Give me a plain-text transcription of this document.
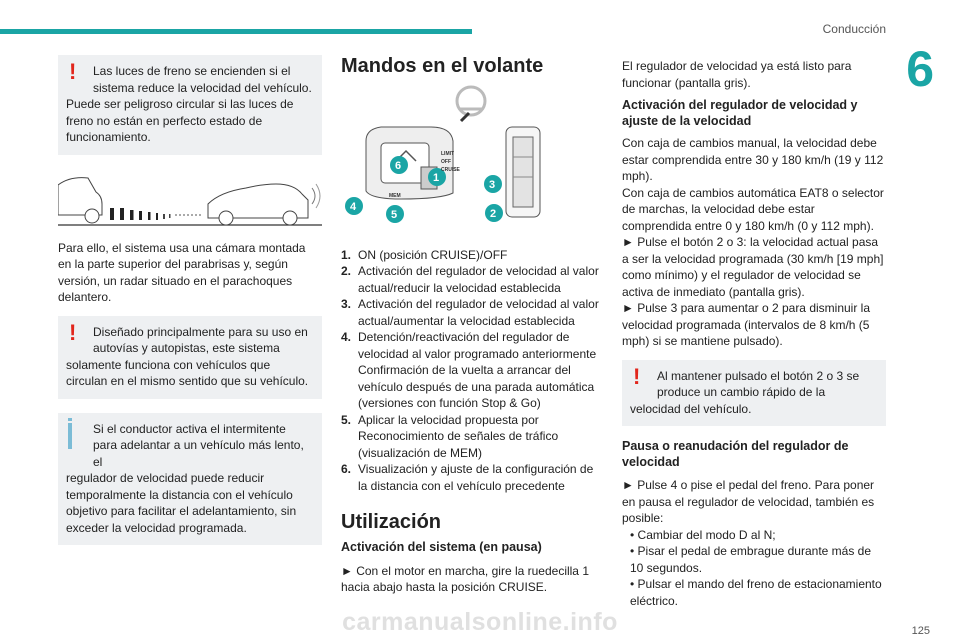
Conducción
6
!	Las luces de freno se encienden si el

sistema reduce la velocidad del vehículo.

Puede ser peligroso circular si las luces de freno no están en perfecto estado de funcionamiento.

Para ello, el sistema usa una cámara montada en la parte superior del parabrisas y, según versión, un radar situado en el parachoques delantero.

!	Diseñado principalmente para su uso en autovías y autopistas, este sistema

solamente funciona con vehículos que circulan en el mismo sentido que su vehículo.

Si el conductor activa el intermitente para adelantar a un vehículo más lento, el

regulador de velocidad puede reducir temporalmente la distancia con el vehículo objetivo para facilitar el adelantamiento, sin exceder la velocidad programada.

Mandos en el volante
6
1
3
2
4
5
LIMIT
OFF
CRUISE
MEM
1. ON (posición CRUISE)/OFF
2. Activación del regulador de velocidad al valor actual/reducir la velocidad establecida
3. Activación del regulador de velocidad al valor actual/aumentar la velocidad establecida
4. Detención/reactivación del regulador de velocidad al valor programado anteriormente Confirmación de la vuelta a arrancar del vehículo después de una parada automática (versiones con función Stop & Go)
5. Aplicar la velocidad propuesta por Reconocimiento de señales de tráfico (visualización de MEM)
6. Visualización y ajuste de la configuración de la distancia con el vehículo precedente
Utilización
Activación del sistema (en pausa)

► Con el motor en marcha, gire la ruedecilla 1 hacia abajo hasta la posición CRUISE.

El regulador de velocidad ya está listo para funcionar (pantalla gris).

Activación del regulador de velocidad y ajuste de la velocidad

Con caja de cambios manual, la velocidad debe estar comprendida entre 30 y 180 km/h (19 y 112 mph).

Con caja de cambios automática EAT8 o selector de marchas, la velocidad debe estar comprendida entre 0 y 180 km/h (0 y 112 mph).

► Pulse el botón 2 o 3: la velocidad actual pasa a ser la velocidad programada (30 km/h [19 mph] como mínimo) y el regulador de velocidad se activa de inmediato (pantalla gris).

► Pulse 3 para aumentar o 2 para disminuir la velocidad programada (intervalos de 8 km/h (5 mph) si se mantiene pulsado).

!	Al mantener pulsado el botón 2 o 3 se

produce un cambio rápido de la

velocidad del vehículo.

Pausa o reanudación del regulador de velocidad

► Pulse 4 o pise el pedal del freno. Para poner en pausa el regulador de velocidad, también es posible:

• Cambiar del modo D al N;

• Pisar el pedal de embrague durante más de 10 segundos.

• Pulsar el mando del freno de estacionamiento eléctrico.

carmanualsonline.info	125
